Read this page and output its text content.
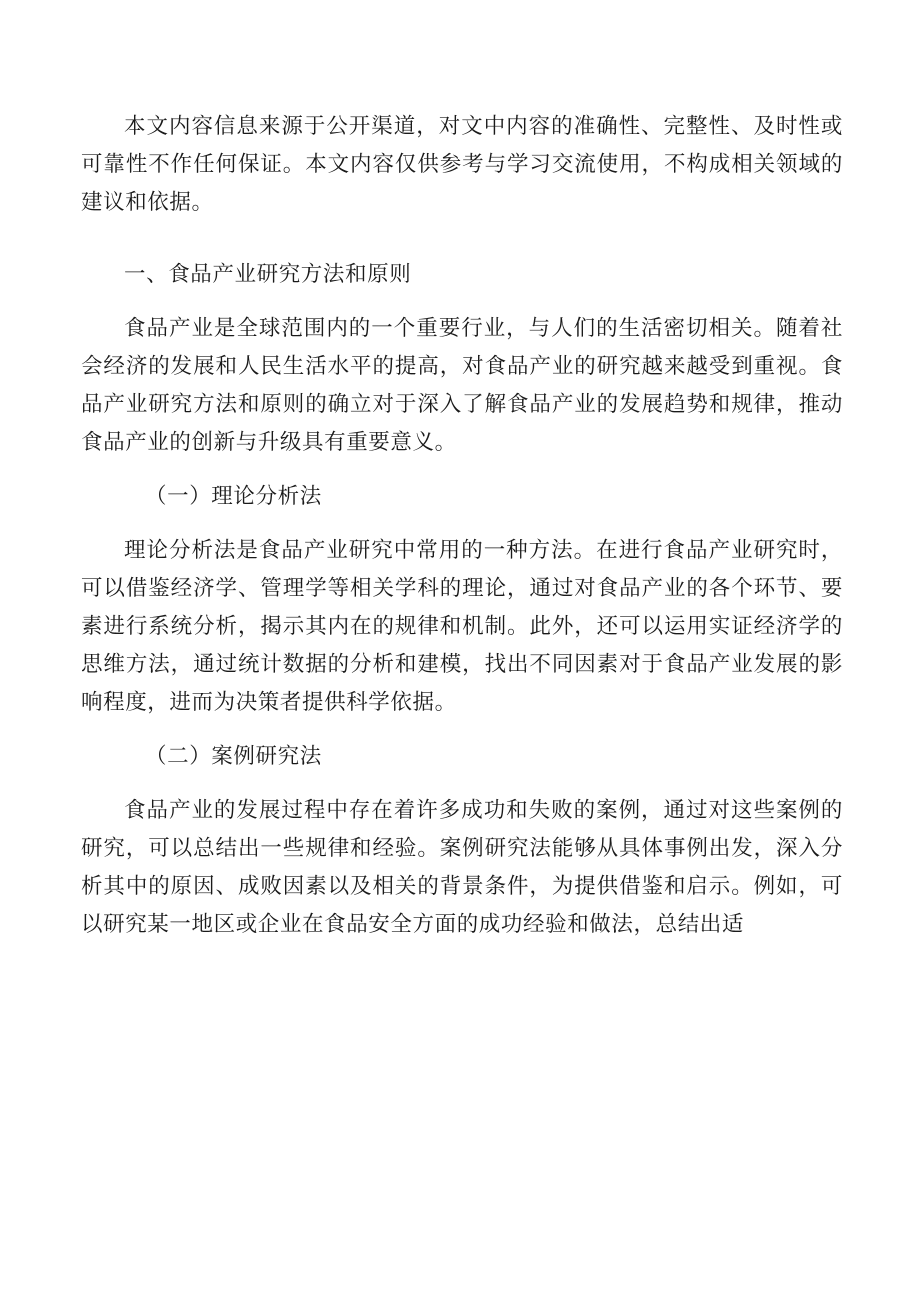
本文内容信息来源于公开渠道，对文中内容的准确性、完整性、及时性或可靠性不作任何保证。本文内容仅供参考与学习交流使用，不构成相关领域的建议和依据。

一、食品产业研究方法和原则

食品产业是全球范围内的一个重要行业，与人们的生活密切相关。随着社会经济的发展和人民生活水平的提高，对食品产业的研究越来越受到重视。食品产业研究方法和原则的确立对于深入了解食品产业的发展趋势和规律，推动食品产业的创新与升级具有重要意义。

（一）理论分析法

理论分析法是食品产业研究中常用的一种方法。在进行食品产业研究时，可以借鉴经济学、管理学等相关学科的理论，通过对食品产业的各个环节、要素进行系统分析，揭示其内在的规律和机制。此外，还可以运用实证经济学的思维方法，通过统计数据的分析和建模，找出不同因素对于食品产业发展的影响程度，进而为决策者提供科学依据。

（二）案例研究法

食品产业的发展过程中存在着许多成功和失败的案例，通过对这些案例的研究，可以总结出一些规律和经验。案例研究法能够从具体事例出发，深入分析其中的原因、成败因素以及相关的背景条件，为提供借鉴和启示。例如，可以研究某一地区或企业在食品安全方面的成功经验和做法，总结出适
